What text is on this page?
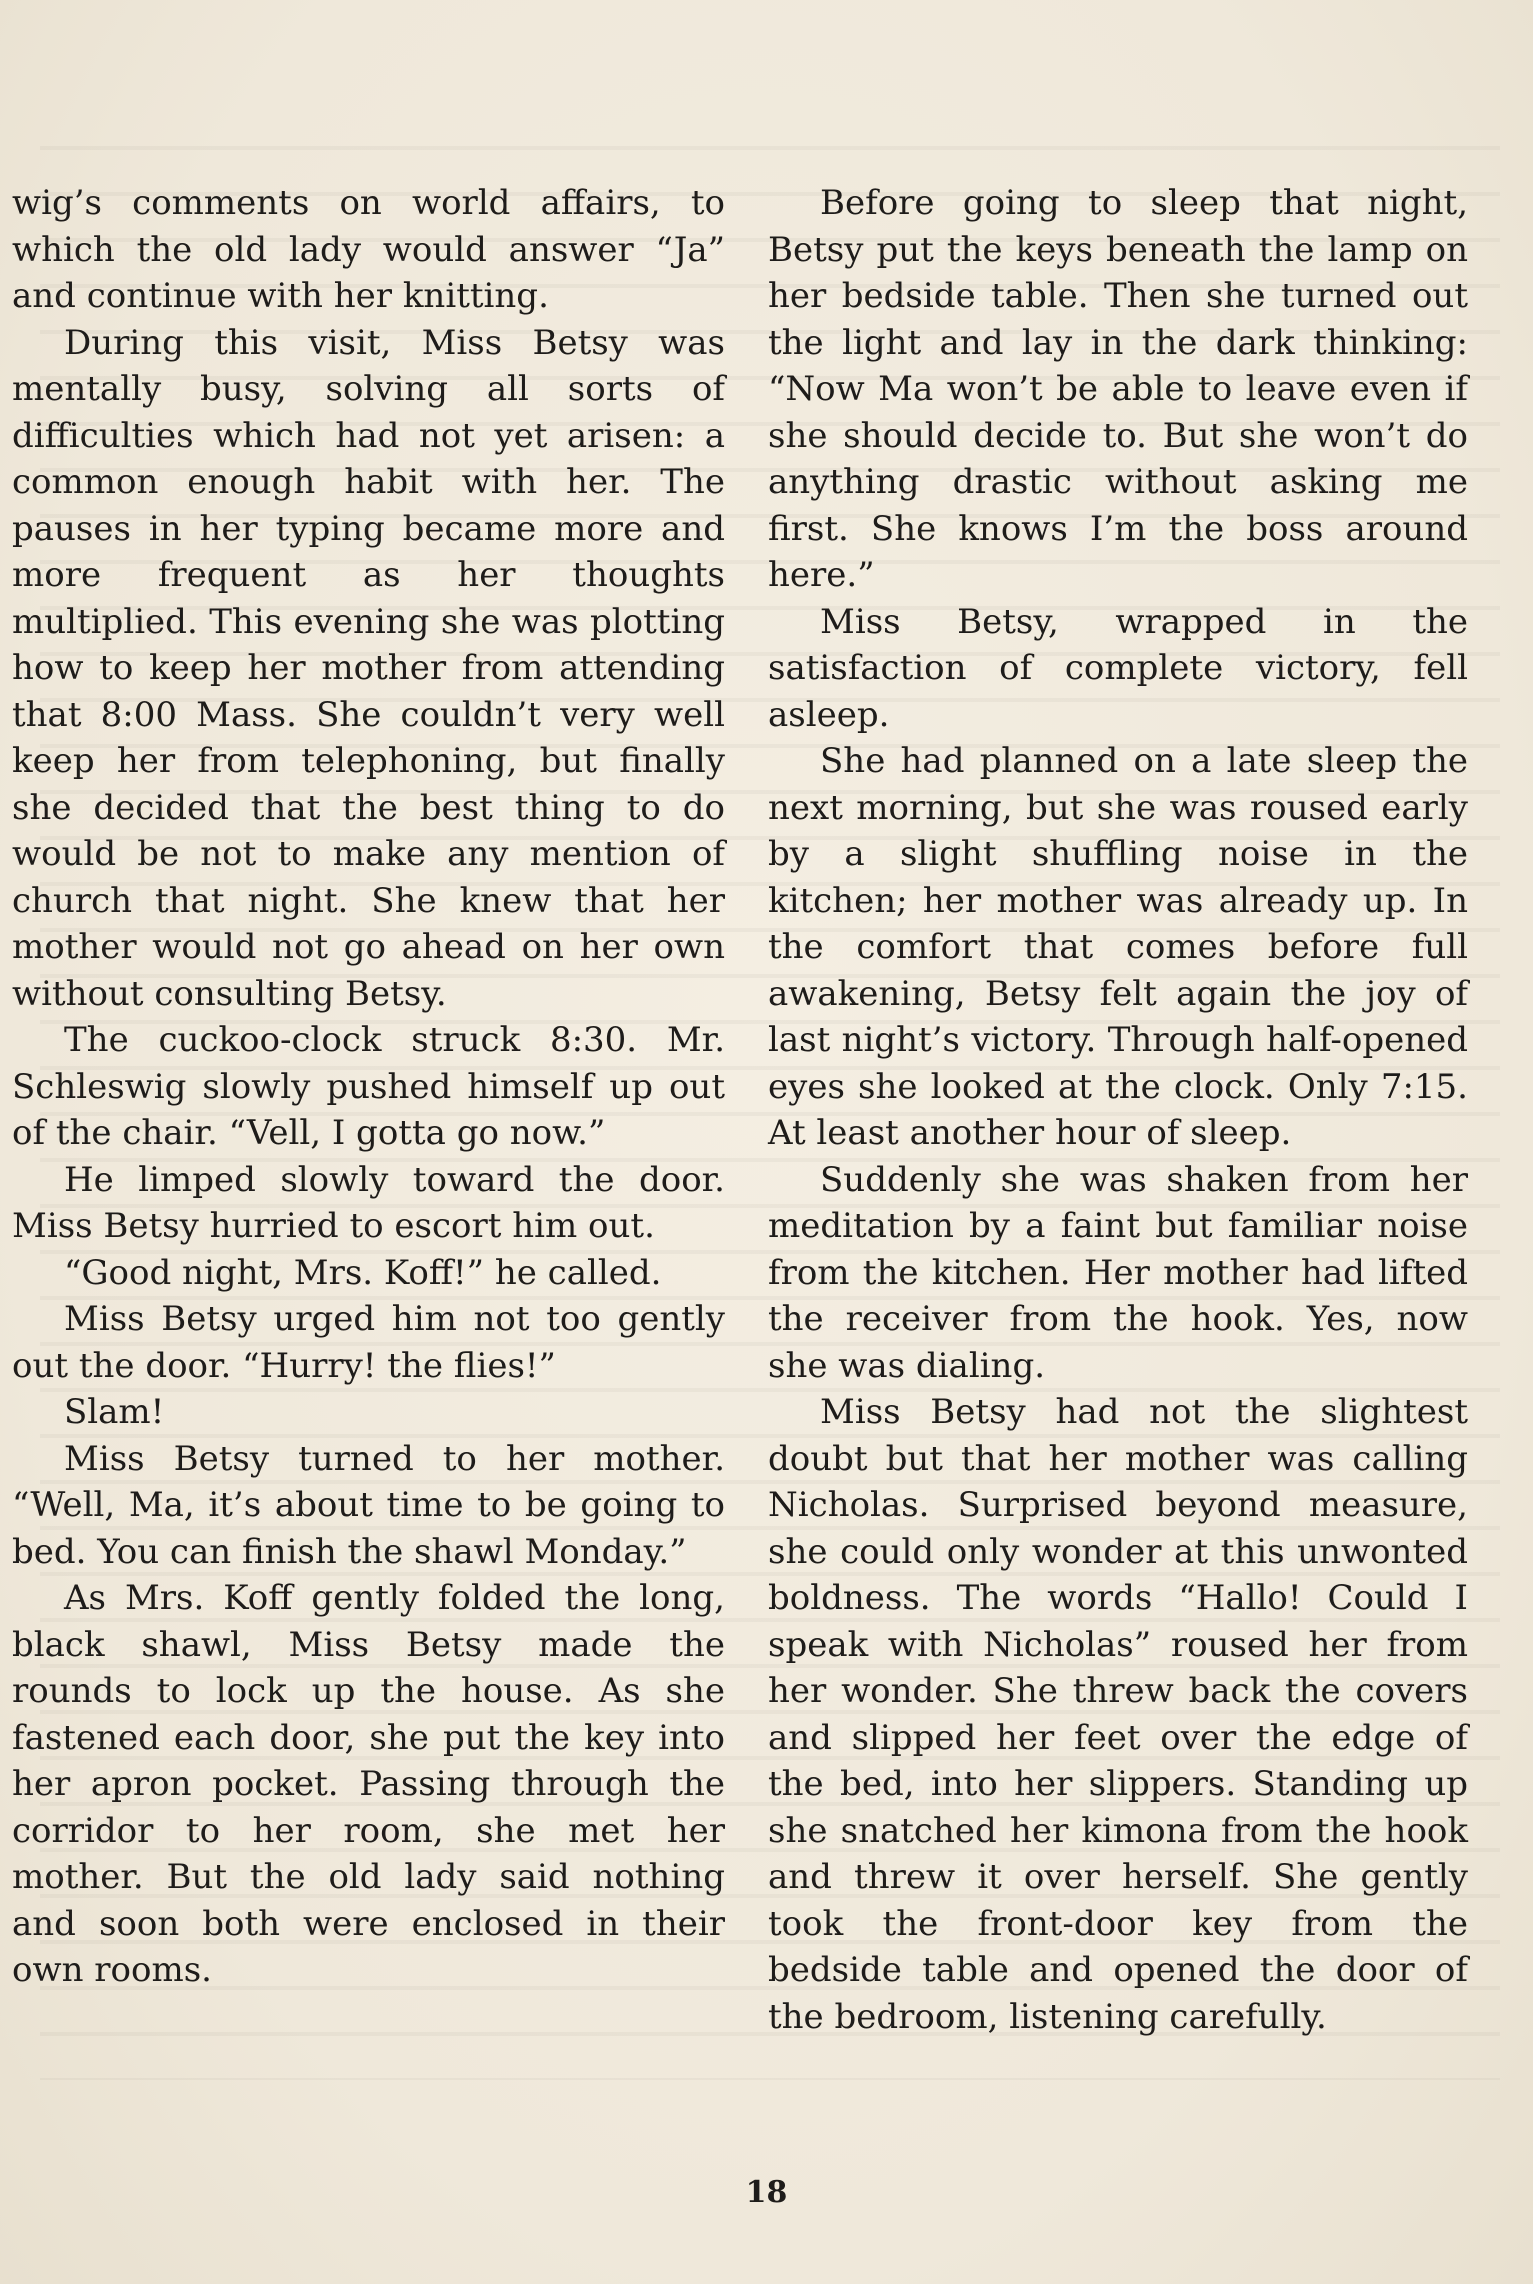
wig’s comments on world affairs, to which the old lady would answer “Ja” and continue with her knitting.

During this visit, Miss Betsy was mentally busy, solving all sorts of difficulties which had not yet arisen: a common enough habit with her. The pauses in her typing became more and more frequent as her thoughts multiplied. This evening she was plotting how to keep her mother from attending that 8:00 Mass. She couldn’t very well keep her from telephoning, but finally she decided that the best thing to do would be not to make any mention of church that night. She knew that her mother would not go ahead on her own without consulting Betsy.

The cuckoo-clock struck 8:30. Mr. Schleswig slowly pushed himself up out of the chair. “Vell, I gotta go now.”

He limped slowly toward the door. Miss Betsy hurried to escort him out.

“Good night, Mrs. Koff!” he called.

Miss Betsy urged him not too gently out the door. “Hurry! the flies!”

Slam!

Miss Betsy turned to her mother. “Well, Ma, it’s about time to be going to bed. You can finish the shawl Monday.”

As Mrs. Koff gently folded the long, black shawl, Miss Betsy made the rounds to lock up the house. As she fastened each door, she put the key into her apron pocket. Passing through the corridor to her room, she met her mother. But the old lady said nothing and soon both were enclosed in their own rooms.

Before going to sleep that night, Betsy put the keys beneath the lamp on her bedside table. Then she turned out the light and lay in the dark thinking: “Now Ma won’t be able to leave even if she should decide to. But she won’t do anything drastic without asking me first. She knows I’m the boss around here.”

Miss Betsy, wrapped in the satisfaction of complete victory, fell asleep.

She had planned on a late sleep the next morning, but she was roused early by a slight shuffling noise in the kitchen; her mother was already up. In the comfort that comes before full awakening, Betsy felt again the joy of last night’s victory. Through half-opened eyes she looked at the clock. Only 7:15. At least another hour of sleep.

Suddenly she was shaken from her meditation by a faint but familiar noise from the kitchen. Her mother had lifted the receiver from the hook. Yes, now she was dialing.

Miss Betsy had not the slightest doubt but that her mother was calling Nicholas. Surprised beyond measure, she could only wonder at this unwonted boldness. The words “Hallo! Could I speak with Nicholas” roused her from her wonder. She threw back the covers and slipped her feet over the edge of the bed, into her slippers. Standing up she snatched her kimona from the hook and threw it over herself. She gently took the front-door key from the bedside table and opened the door of the bedroom, listening carefully.

18
